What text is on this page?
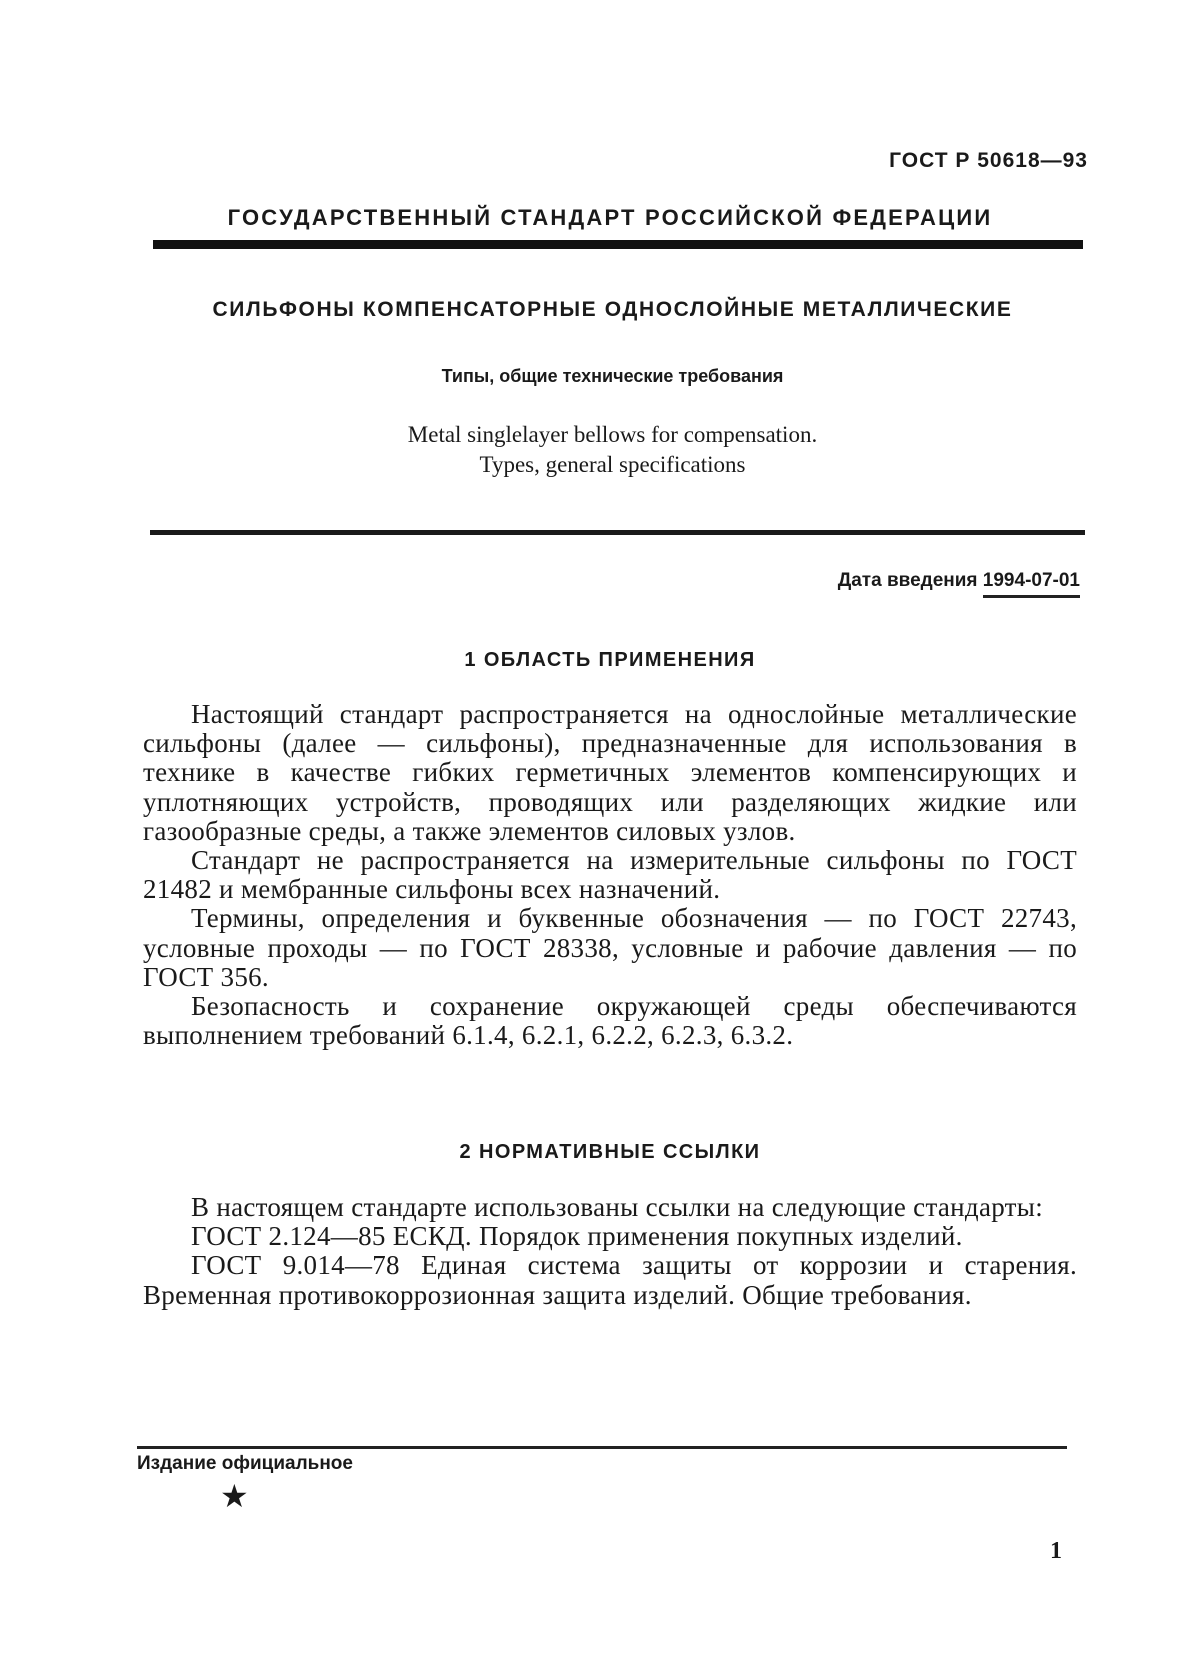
ГОСТ Р 50618—93
ГОСУДАРСТВЕННЫЙ СТАНДАРТ РОССИЙСКОЙ ФЕДЕРАЦИИ
СИЛЬФОНЫ КОМПЕНСАТОРНЫЕ ОДНОСЛОЙНЫЕ МЕТАЛЛИЧЕСКИЕ
Типы, общие технические требования
Metal singlelayer bellows for compensation.
Types, general specifications
Дата введения 1994-07-01
1 ОБЛАСТЬ ПРИМЕНЕНИЯ

Настоящий стандарт распространяется на однослойные металлические сильфоны (далее — сильфоны), предназначенные для использования в технике в качестве гибких герметичных элементов компенсирующих и уплотняющих устройств, проводящих или разделяющих жидкие или газообразные среды, а также элементов силовых узлов.

Стандарт не распространяется на измерительные сильфоны по ГОСТ 21482 и мембранные сильфоны всех назначений.

Термины, определения и буквенные обозначения — по ГОСТ 22743, условные проходы — по ГОСТ 28338, условные и рабочие давления — по ГОСТ 356.

Безопасность и сохранение окружающей среды обеспечиваются выполнением требований 6.1.4, 6.2.1, 6.2.2, 6.2.3, 6.3.2.

2 НОРМАТИВНЫЕ ССЫЛКИ

В настоящем стандарте использованы ссылки на следующие стандарты:

ГОСТ 2.124—85 ЕСКД. Порядок применения покупных изделий.

ГОСТ 9.014—78 Единая система защиты от коррозии и старения. Временная противокоррозионная защита изделий. Общие требования.

Издание официальное
★
1
